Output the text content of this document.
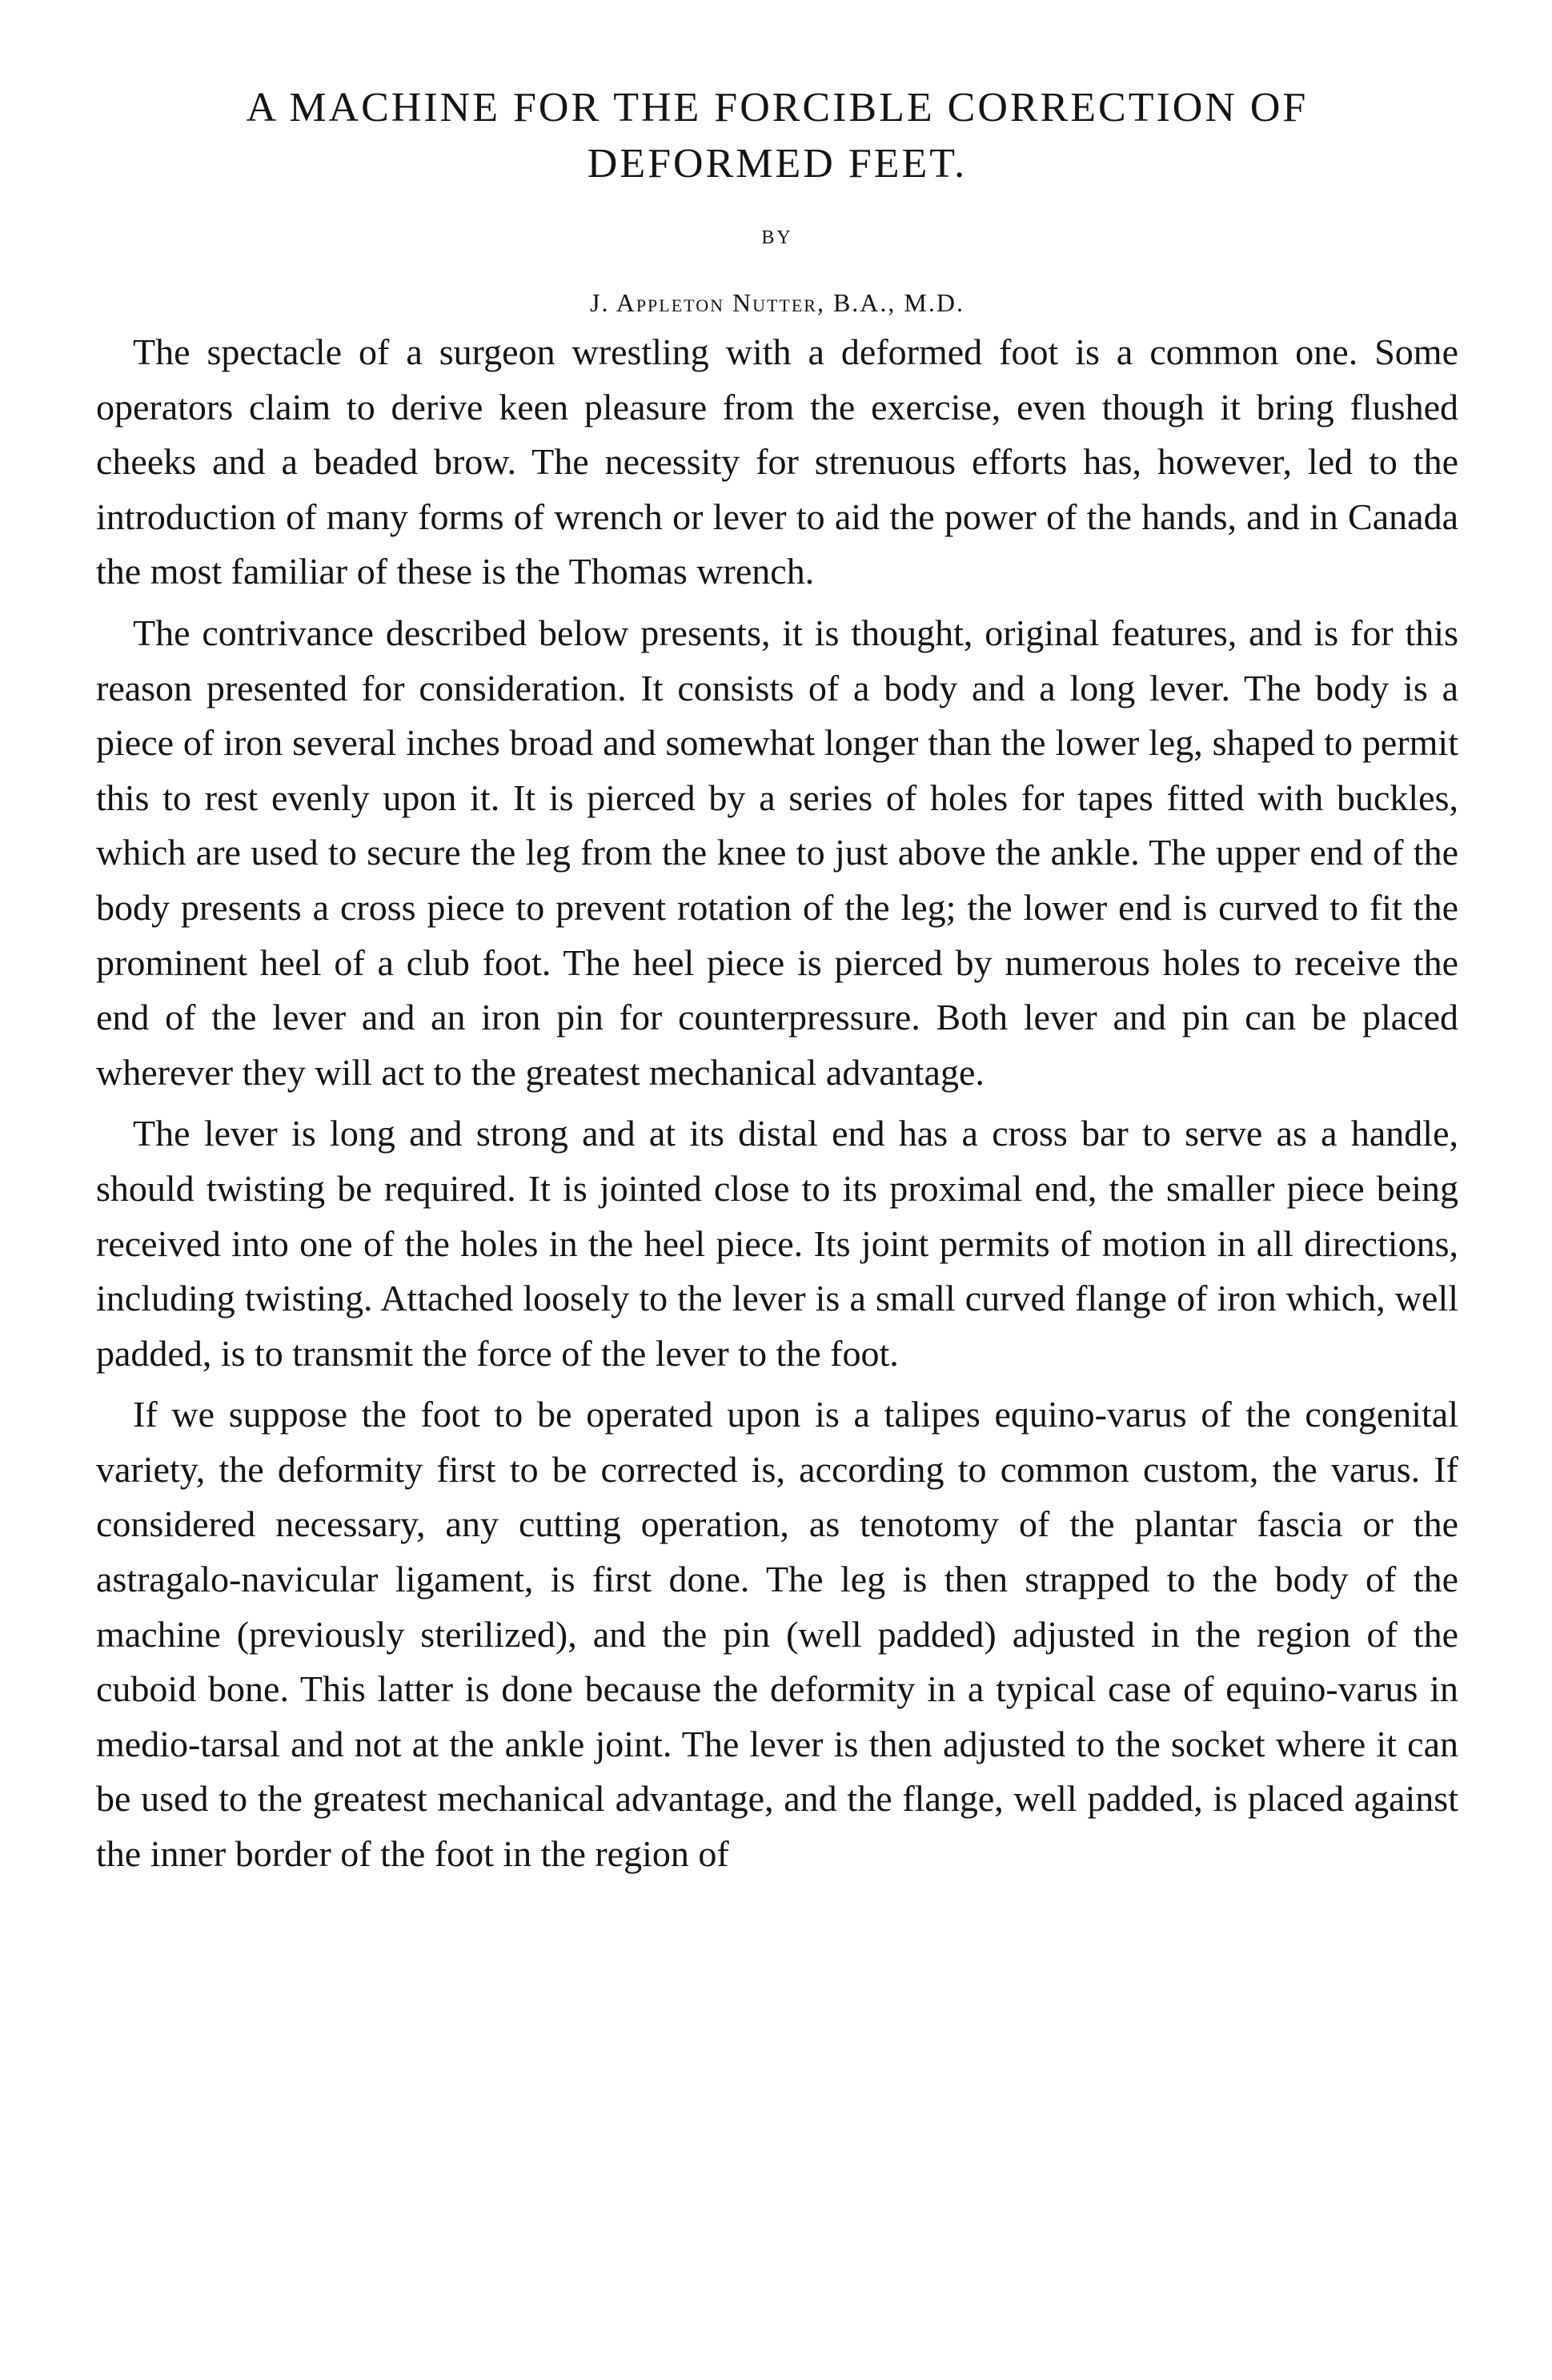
A MACHINE FOR THE FORCIBLE CORRECTION OF
DEFORMED FEET.
BY
J. Appleton Nutter, B.A., M.D.

The spectacle of a surgeon wrestling with a deformed foot is a common one. Some operators claim to derive keen pleasure from the exercise, even though it bring flushed cheeks and a beaded brow. The necessity for strenuous efforts has, however, led to the introduction of many forms of wrench or lever to aid the power of the hands, and in Canada the most familiar of these is the Thomas wrench.

The contrivance described below presents, it is thought, original features, and is for this reason presented for consideration. It consists of a body and a long lever. The body is a piece of iron several inches broad and somewhat longer than the lower leg, shaped to permit this to rest evenly upon it. It is pierced by a series of holes for tapes fitted with buckles, which are used to secure the leg from the knee to just above the ankle. The upper end of the body presents a cross piece to prevent rotation of the leg; the lower end is curved to fit the prominent heel of a club foot. The heel piece is pierced by numerous holes to receive the end of the lever and an iron pin for counterpressure. Both lever and pin can be placed wherever they will act to the greatest mechanical advantage.

The lever is long and strong and at its distal end has a cross bar to serve as a handle, should twisting be required. It is jointed close to its proximal end, the smaller piece being received into one of the holes in the heel piece. Its joint permits of motion in all directions, including twisting. Attached loosely to the lever is a small curved flange of iron which, well padded, is to transmit the force of the lever to the foot.

If we suppose the foot to be operated upon is a talipes equino-varus of the congenital variety, the deformity first to be corrected is, according to common custom, the varus. If considered necessary, any cutting operation, as tenotomy of the plantar fascia or the astragalo-navicular ligament, is first done. The leg is then strapped to the body of the machine (previously sterilized), and the pin (well padded) adjusted in the region of the cuboid bone. This latter is done because the deformity in a typical case of equino-varus in medio-tarsal and not at the ankle joint. The lever is then adjusted to the socket where it can be used to the greatest mechanical advantage, and the flange, well padded, is placed against the inner border of the foot in the region of
